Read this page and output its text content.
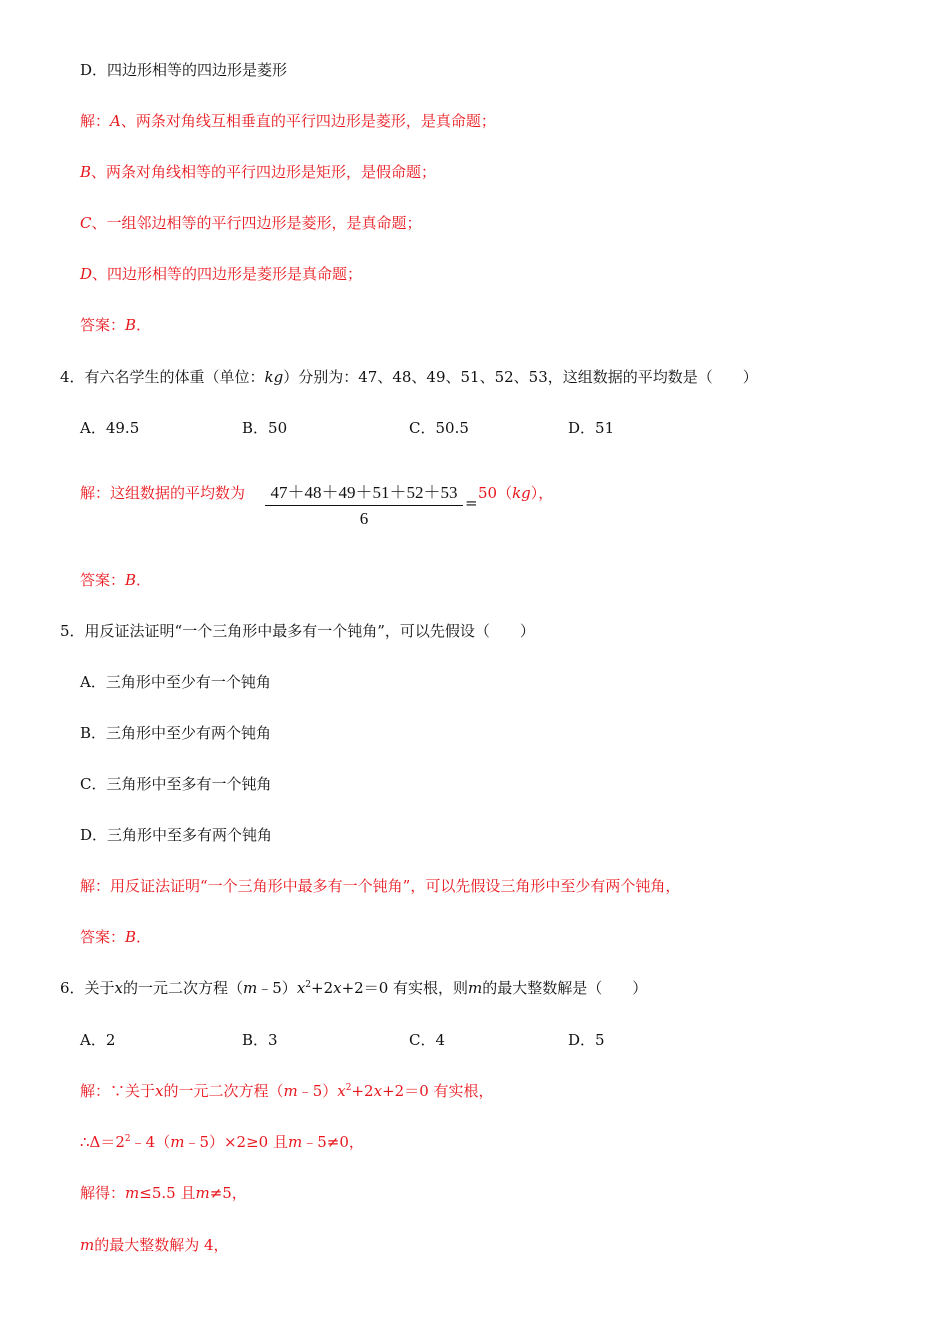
D．四边形相等的四边形是菱形
解：A、两条对角线互相垂直的平行四边形是菱形，是真命题；
B、两条对角线相等的平行四边形是矩形，是假命题；
C、一组邻边相等的平行四边形是菱形，是真命题；
D、四边形相等的四边形是菱形是真命题；
答案：B．
4．有六名学生的体重（单位：kg）分别为：47、48、49、51、52、53，这组数据的平均数是（　　）
A．49.5	B．50	C．50.5	D．51
解：这组数据的平均数为 $\frac{47+48+49+51+52+53}{6}$ =
50（kg），
答案：B．
5．用反证法证明“一个三角形中最多有一个钝角”，可以先假设（　　）
A．三角形中至少有一个钝角
B．三角形中至少有两个钝角
C．三角形中至多有一个钝角
D．三角形中至多有两个钝角
解：用反证法证明“一个三角形中最多有一个钝角”，可以先假设三角形中至少有两个钝角，
答案：B．
6．关于x的一元二次方程$(m﹣5)x^2+2x+2=0$ 有实根，则m的最大整数解是（　　）
A．2	B．3	C．4	D．5
解：∵关于x的一元二次方程$(m﹣5)x^2+2x+2=0$ 有实根，
$\therefore\Delta=2^2﹣4(m﹣5)\times 2\ge 0$ 且m﹣5≠0，
解得：m≤5.5 且m≠5，
m的最大整数解为 4，
